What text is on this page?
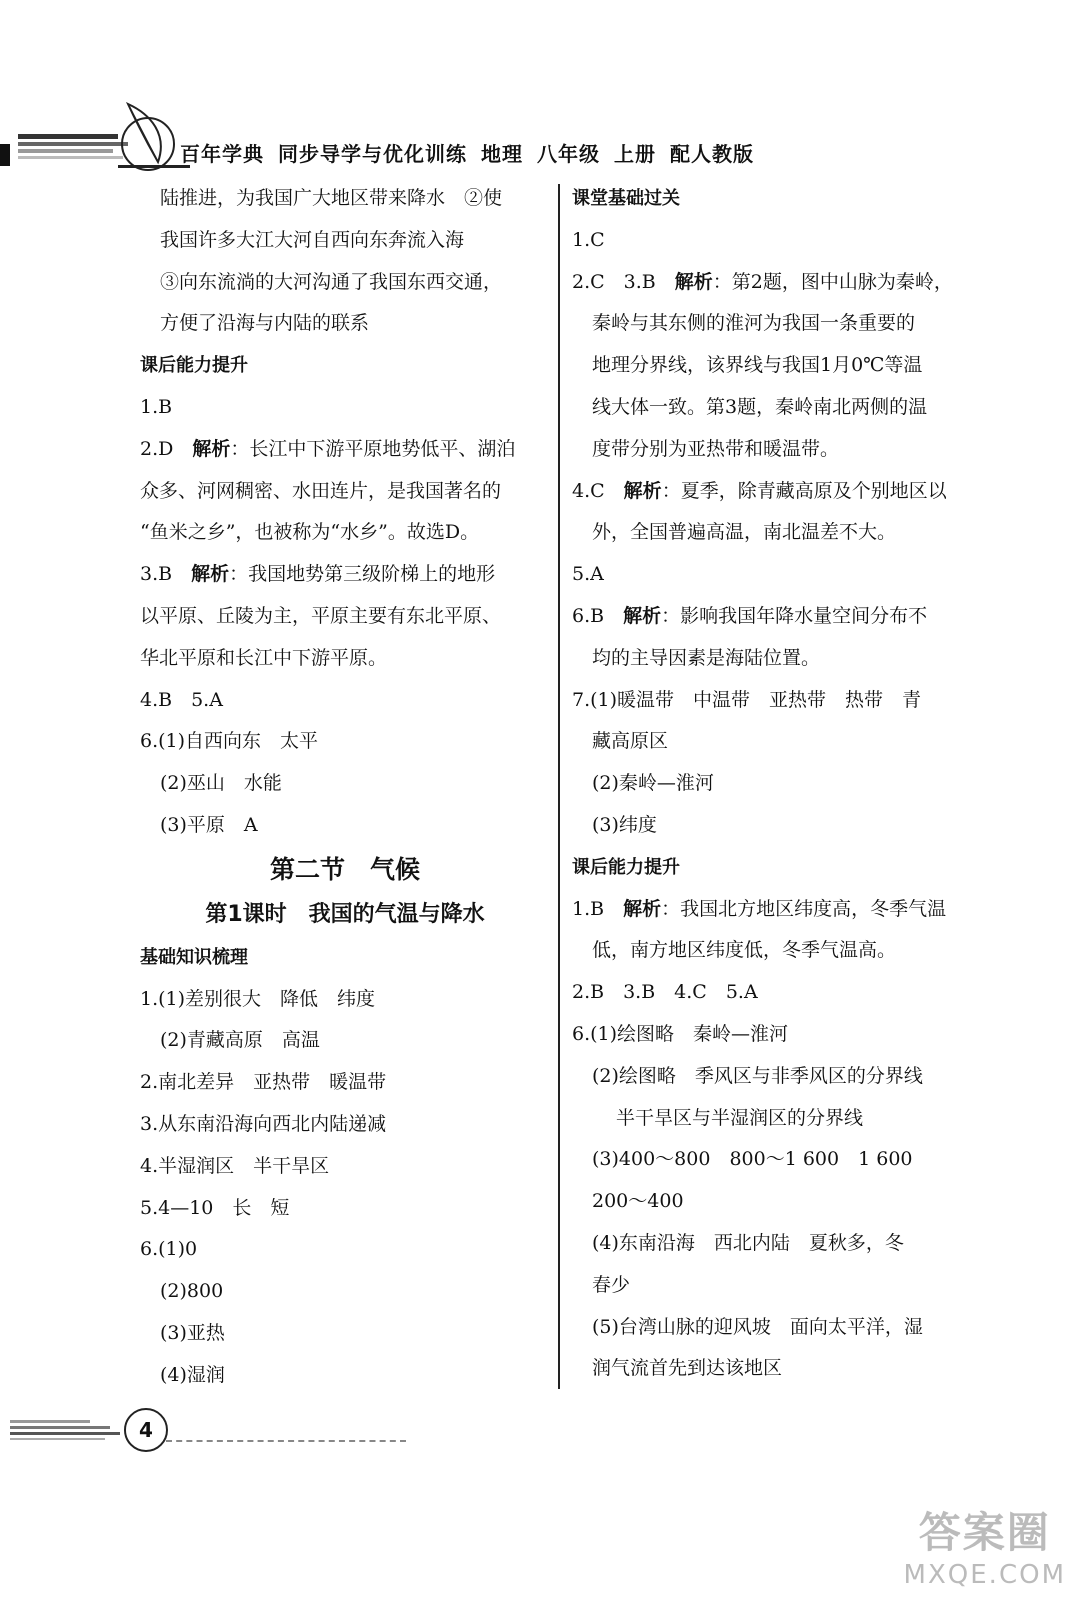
百年学典 同步导学与优化训练 地理 八年级 上册 配人教版
陆推进，为我国广大地区带来降水　②使
我国许多大江大河自西向东奔流入海
③向东流淌的大河沟通了我国东西交通，
方便了沿海与内陆的联系
课后能力提升
1.B
2.D　解析：长江中下游平原地势低平、湖泊
众多、河网稠密、水田连片，是我国著名的
“鱼米之乡”，也被称为“水乡”。故选D。
3.B　解析：我国地势第三级阶梯上的地形
以平原、丘陵为主，平原主要有东北平原、
华北平原和长江中下游平原。
4.B　5.A
6.(1)自西向东　太平
(2)巫山　水能
(3)平原　A
第二节　气候
第1课时　我国的气温与降水
基础知识梳理
1.(1)差别很大　降低　纬度
(2)青藏高原　高温
2.南北差异　亚热带　暖温带
3.从东南沿海向西北内陆递减
4.半湿润区　半干旱区
5.4—10　长　短
6.(1)0
(2)800
(3)亚热
(4)湿润
课堂基础过关
1.C
2.C　3.B　解析：第2题，图中山脉为秦岭，
秦岭与其东侧的淮河为我国一条重要的
地理分界线，该界线与我国1月0℃等温
线大体一致。第3题，秦岭南北两侧的温
度带分别为亚热带和暖温带。
4.C　解析：夏季，除青藏高原及个别地区以
外，全国普遍高温，南北温差不大。
5.A
6.B　解析：影响我国年降水量空间分布不
均的主导因素是海陆位置。
7.(1)暖温带　中温带　亚热带　热带　青
藏高原区
(2)秦岭—淮河
(3)纬度
课后能力提升
1.B　解析：我国北方地区纬度高，冬季气温
低，南方地区纬度低，冬季气温高。
2.B　3.B　4.C　5.A
6.(1)绘图略　秦岭—淮河
(2)绘图略　季风区与非季风区的分界线
半干旱区与半湿润区的分界线
(3)400～800　800～1 600　1 600
200～400
(4)东南沿海　西北内陆　夏秋多，冬
春少
(5)台湾山脉的迎风坡　面向太平洋，湿
润气流首先到达该地区
4
答案圈
MXQE.COM
